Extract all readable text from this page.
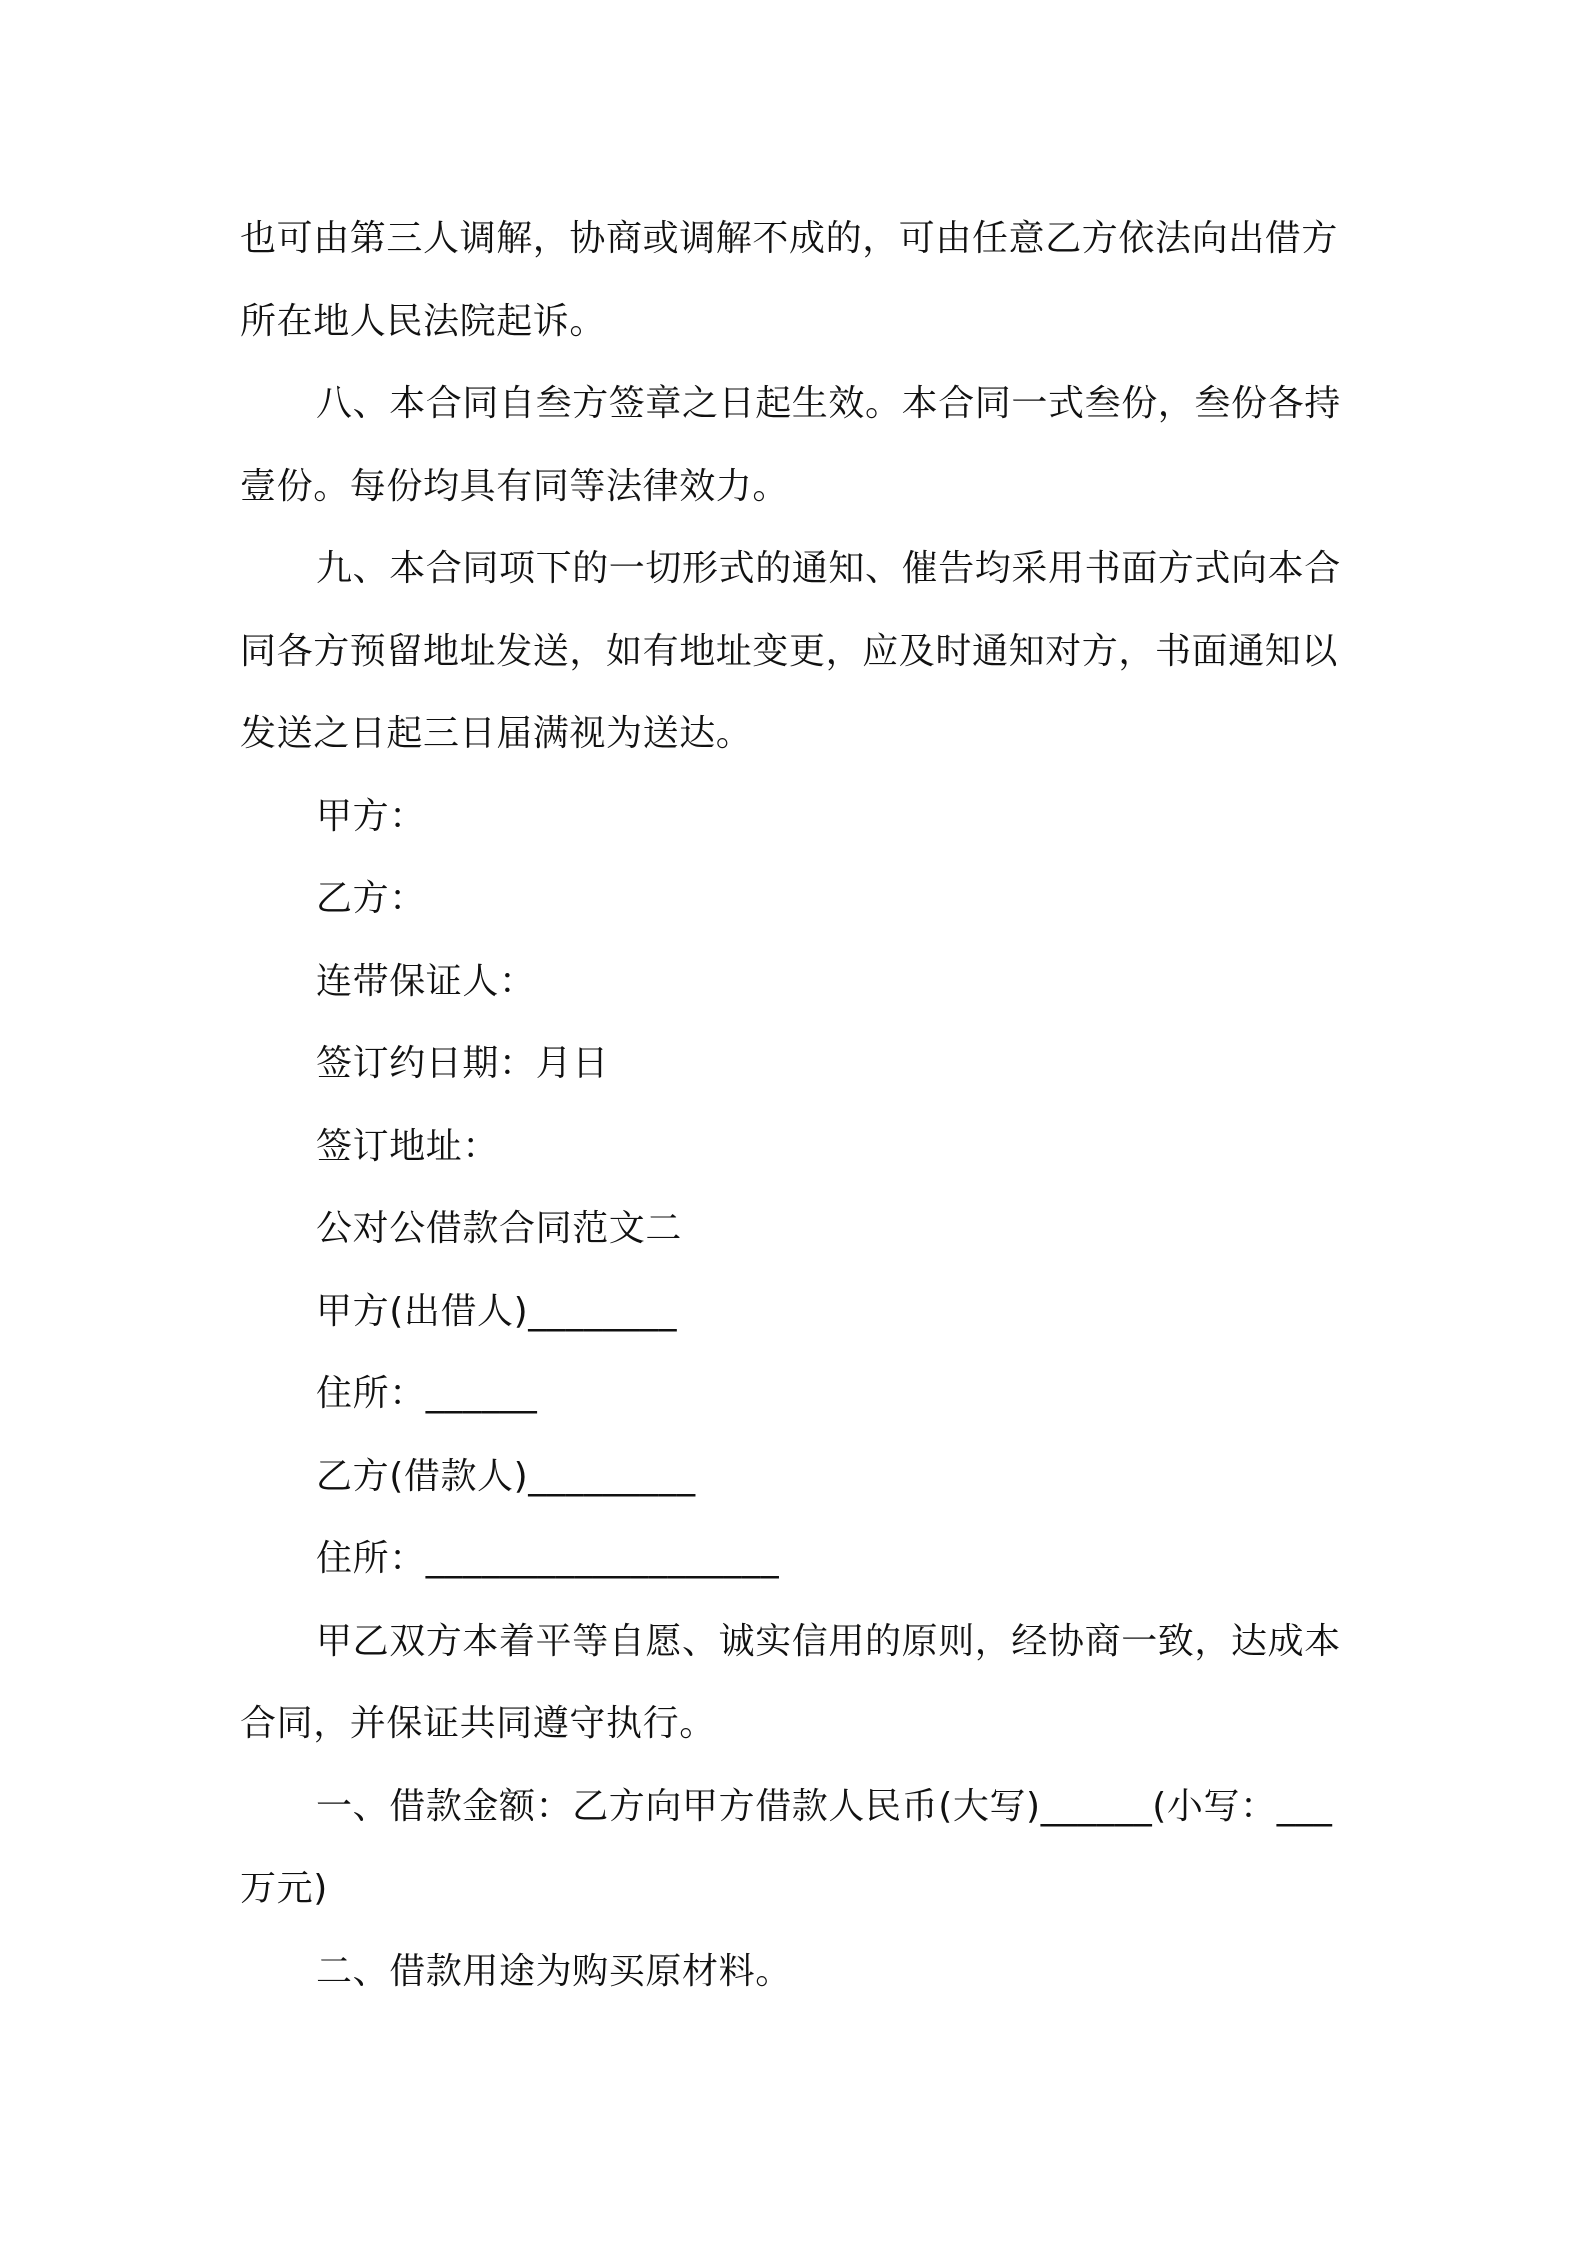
也可由第三人调解，协商或调解不成的，可由任意乙方依法向出借方

所在地人民法院起诉。

八、本合同自叁方签章之日起生效。本合同一式叁份，叁份各持

壹份。每份均具有同等法律效力。

九、本合同项下的一切形式的通知、催告均采用书面方式向本合

同各方预留地址发送，如有地址变更，应及时通知对方，书面通知以

发送之日起三日届满视为送达。

甲方：

乙方：

连带保证人：

签订约日期：月日

签订地址：

公对公借款合同范文二

甲方(出借人)________

住所：______

乙方(借款人)_________

住所：___________________

甲乙双方本着平等自愿、诚实信用的原则，经协商一致，达成本

合同，并保证共同遵守执行。

一、借款金额：乙方向甲方借款人民币(大写)______(小写：___

万元)

二、借款用途为购买原材料。
